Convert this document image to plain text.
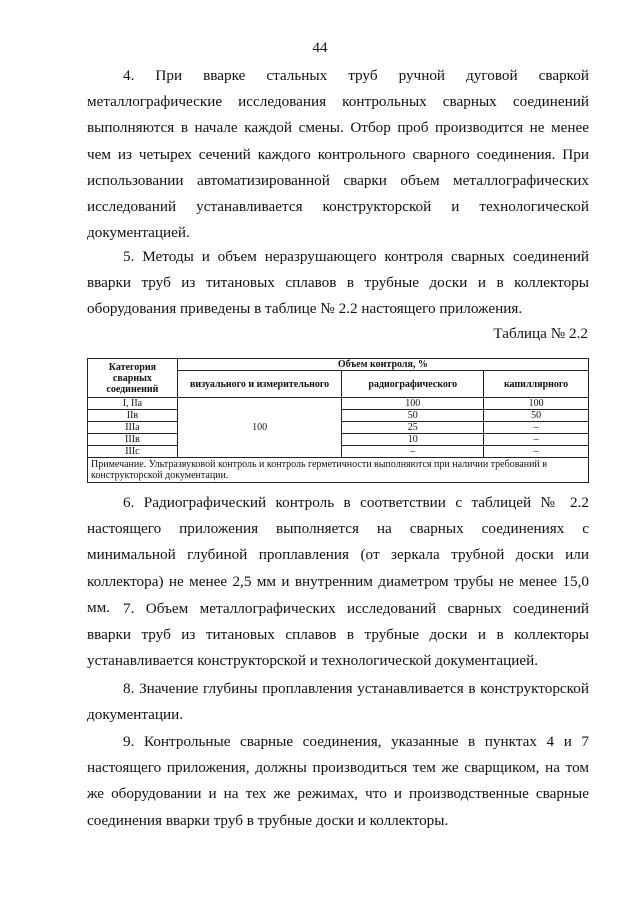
44

4. При вварке стальных труб ручной дуговой сваркой металлографические исследования контрольных сварных соединений выполняются в начале каждой смены. Отбор проб производится не менее чем из четырех сечений каждого контрольного сварного соединения. При использовании автоматизированной сварки объем металлографических исследований устанавливается конструкторской и технологической документацией.

5. Методы и объем неразрушающего контроля сварных соединений вварки труб из титановых сплавов в трубные доски и в коллекторы оборудования приведены в таблице № 2.2 настоящего приложения.

Таблица № 2.2
Категория сварных соединений	Объем контроля, %		
	визуального и измерительного	радиографического	капиллярного
I, IIа	100	100	100
IIв		50	50
IIIа		25	–
IIIв		10	–
IIIс		–	–
Примечание. Ультразвуковой контроль и контроль герметичности выполняются при наличии требований в конструкторской документации.			

6. Радиографический контроль в соответствии с таблицей № 2.2 настоящего приложения выполняется на сварных соединениях с минимальной глубиной проплавления (от зеркала трубной доски или коллектора) не менее 2,5 мм и внутренним диаметром трубы не менее 15,0 мм. 7. Объем металлографических исследований сварных соединений вварки труб из титановых сплавов в трубные доски и в коллекторы устанавливается конструкторской и технологической документацией.

8. Значение глубины проплавления устанавливается в конструкторской документации.

9. Контрольные сварные соединения, указанные в пунктах 4 и 7 настоящего приложения, должны производиться тем же сварщиком, на том же оборудовании и на тех же режимах, что и производственные сварные соединения вварки труб в трубные доски и коллекторы.
